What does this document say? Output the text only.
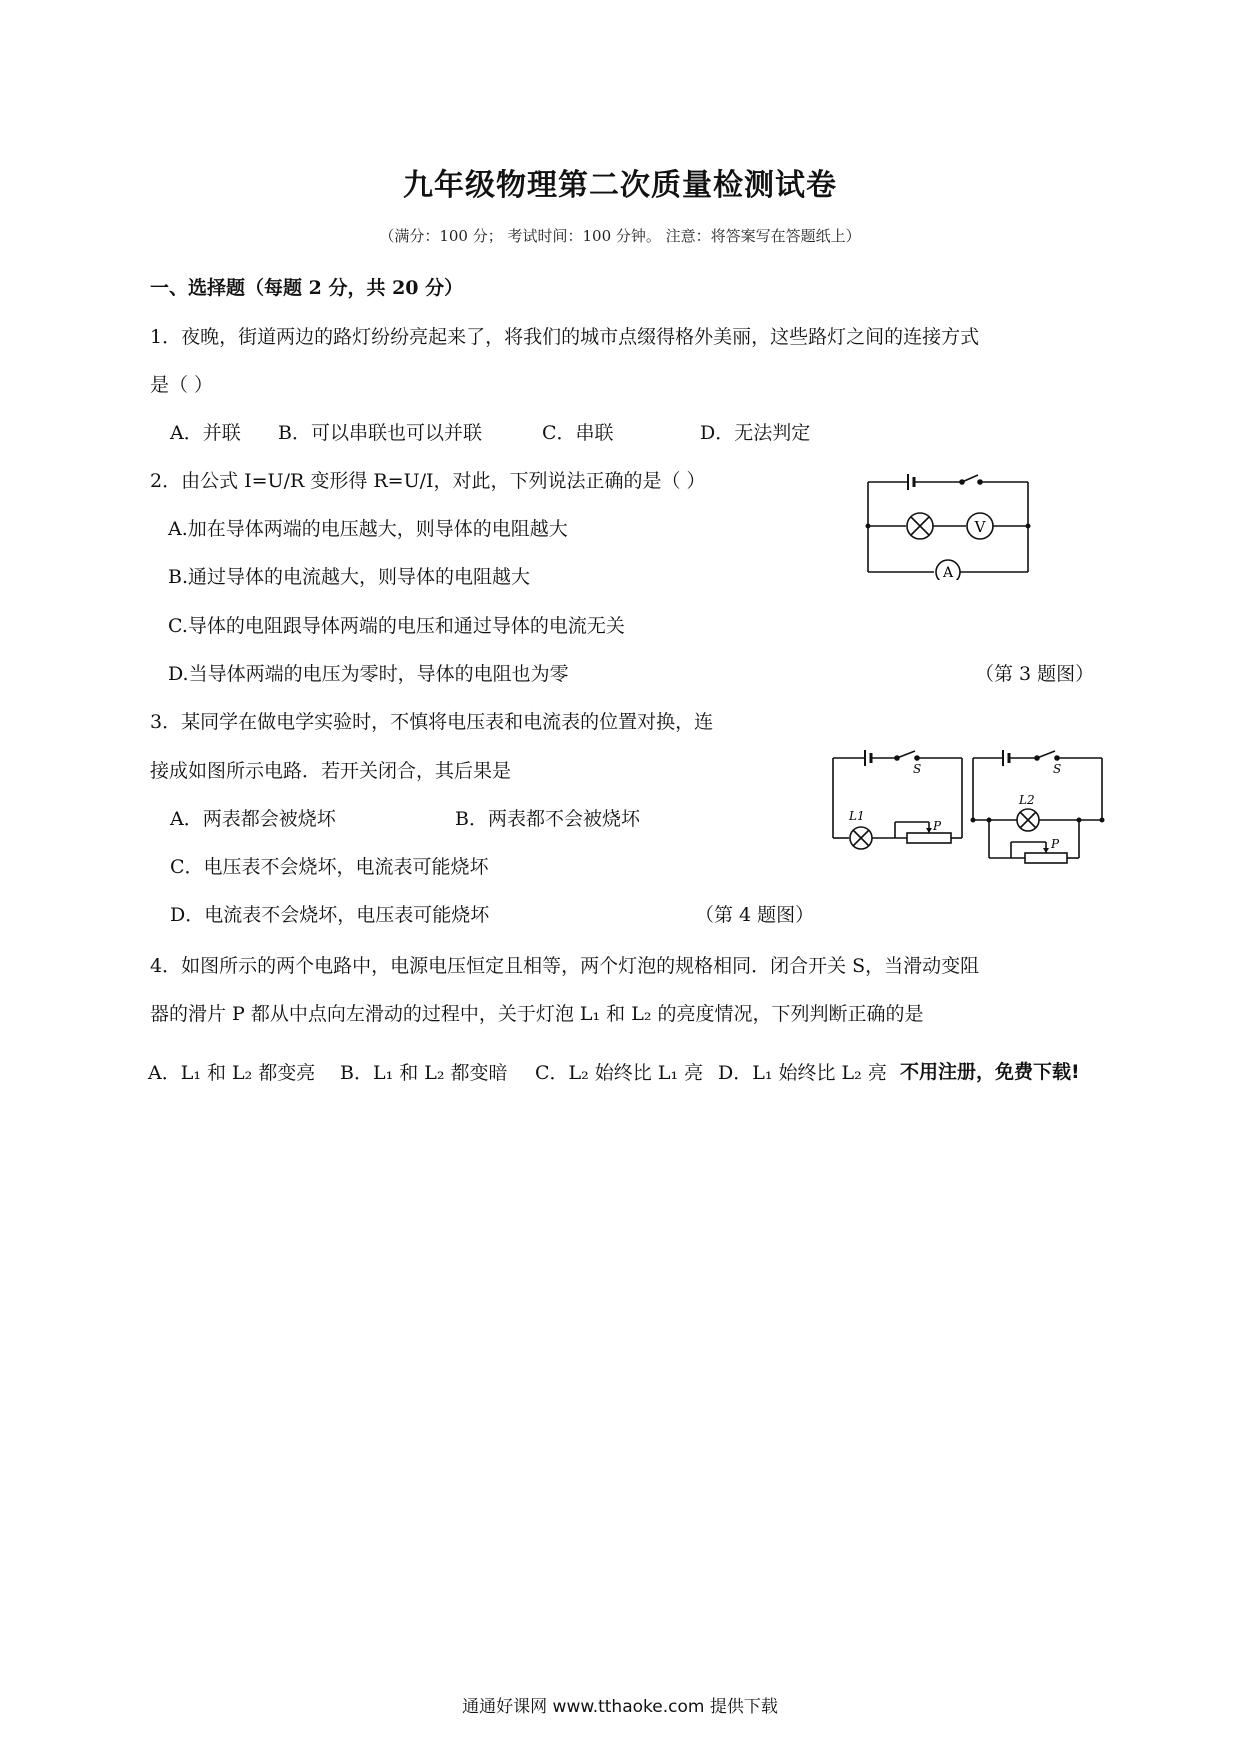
九年级物理第二次质量检测试卷
（满分：100 分； 考试时间：100 分钟。 注意：将答案写在答题纸上）
一、选择题（每题 2 分，共 20 分）
1．夜晚，街道两边的路灯纷纷亮起来了，将我们的城市点缀得格外美丽，这些路灯之间的连接方式
是（ ）
A．并联 B．可以串联也可以并联	C．串联	D．无法判定
2．由公式 I=U/R 变形得 R=U/I，对此，下列说法正确的是（ ）
A.加在导体两端的电压越大，则导体的电阻越大
B.通过导体的电流越大，则导体的电阻越大
C.导体的电阻跟导体两端的电压和通过导体的电流无关
D.当导体两端的电压为零时，导体的电阻也为零	（第 3 题图）
V
A
3．某同学在做电学实验时，不慎将电压表和电流表的位置对换，连
接成如图所示电路．若开关闭合，其后果是
A．两表都会被烧坏	B．两表都不会被烧坏
C．电压表不会烧坏，电流表可能烧坏
D．电流表不会烧坏，电压表可能烧坏	（第 4 题图）
S	S
L1
P
L2
P
4．如图所示的两个电路中，电源电压恒定且相等，两个灯泡的规格相同．闭合开关 S，当滑动变阻
器的滑片 P 都从中点向左滑动的过程中，关于灯泡 L₁ 和 L₂ 的亮度情况，下列判断正确的是
A．L₁ 和 L₂ 都变亮 B．L₁ 和 L₂ 都变暗 C．L₂ 始终比 L₁ 亮 D．L₁ 始终比 L₂ 亮 不用注册，免费下载!
通通好课网 www.tthaoke.com 提供下载
